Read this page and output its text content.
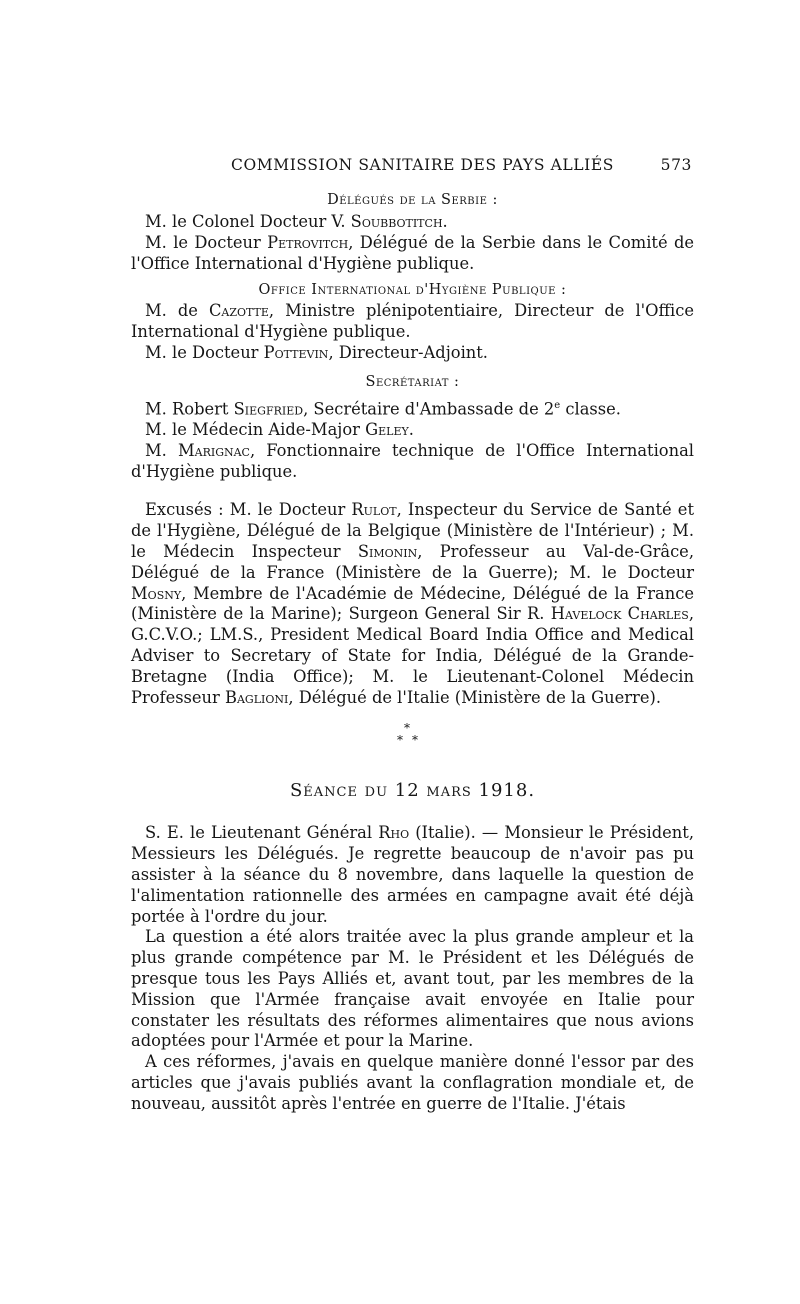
COMMISSION SANITAIRE DES PAYS ALLIÉS	573
Délégués de la Serbie :

M. le Colonel Docteur V. Soubbotitch.

M. le Docteur Petrovitch, Délégué de la Serbie dans le Comité de l'Office International d'Hygiène publique.

Office International d'Hygiène Publique :

M. de Cazotte, Ministre plénipotentiaire, Directeur de l'Office International d'Hygiène publique.

M. le Docteur Pottevin, Directeur-Adjoint.

Secrétariat :

M. Robert Siegfried, Secrétaire d'Ambassade de 2e classe.

M. le Médecin Aide-Major Geley.

M. Marignac, Fonctionnaire technique de l'Office International d'Hygiène publique.

Excusés : M. le Docteur Rulot, Inspecteur du Service de Santé et de l'Hygiène, Délégué de la Belgique (Ministère de l'Intérieur) ; M. le Médecin Inspecteur Simonin, Professeur au Val-de-Grâce, Délégué de la France (Ministère de la Guerre); M. le Docteur Mosny, Membre de l'Académie de Médecine, Délégué de la France (Ministère de la Marine); Surgeon General Sir R. Havelock Charles, G.C.V.O.; LM.S., President Medical Board India Office and Medical Adviser to Secretary of State for India, Délégué de la Grande-Bretagne (India Office); M. le Lieutenant-Colonel Médecin Professeur Baglioni, Délégué de l'Italie (Ministère de la Guerre).

*
* *
Séance du 12 mars 1918.

S. E. le Lieutenant Général Rho (Italie). — Monsieur le Président, Messieurs les Délégués. Je regrette beaucoup de n'avoir pas pu assister à la séance du 8 novembre, dans laquelle la question de l'alimentation rationnelle des armées en campagne avait été déjà portée à l'ordre du jour.

La question a été alors traitée avec la plus grande ampleur et la plus grande compétence par M. le Président et les Délégués de presque tous les Pays Alliés et, avant tout, par les membres de la Mission que l'Armée française avait envoyée en Italie pour constater les résultats des réformes alimentaires que nous avions adoptées pour l'Armée et pour la Marine.

A ces réformes, j'avais en quelque manière donné l'essor par des articles que j'avais publiés avant la conflagration mondiale et, de nouveau, aussitôt après l'entrée en guerre de l'Italie. J'étais
